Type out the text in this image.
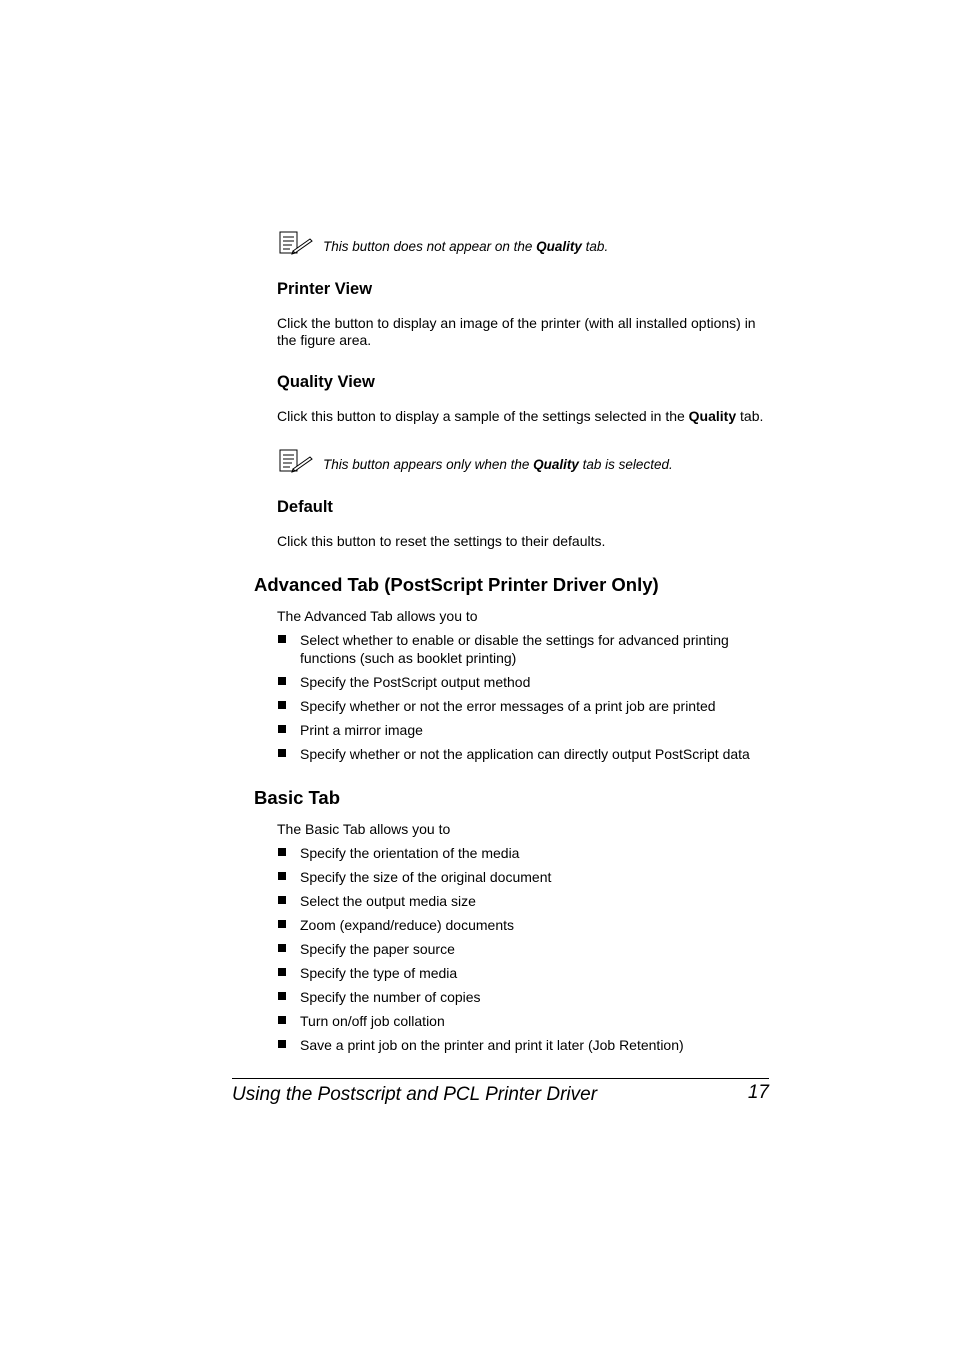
This button does not appear on the Quality tab.
Printer View
Click the button to display an image of the printer (with all installed options) in the figure area.
Quality View
Click this button to display a sample of the settings selected in the Quality tab.
This button appears only when the Quality tab is selected.
Default
Click this button to reset the settings to their defaults.
Advanced Tab (PostScript Printer Driver Only)
The Advanced Tab allows you to
Select whether to enable or disable the settings for advanced printing functions (such as booklet printing)
Specify the PostScript output method
Specify whether or not the error messages of a print job are printed
Print a mirror image
Specify whether or not the application can directly output PostScript data
Basic Tab
The Basic Tab allows you to
Specify the orientation of the media
Specify the size of the original document
Select the output media size
Zoom (expand/reduce) documents
Specify the paper source
Specify the type of media
Specify the number of copies
Turn on/off job collation
Save a print job on the printer and print it later (Job Retention)
Using the Postscript and PCL Printer Driver	17
